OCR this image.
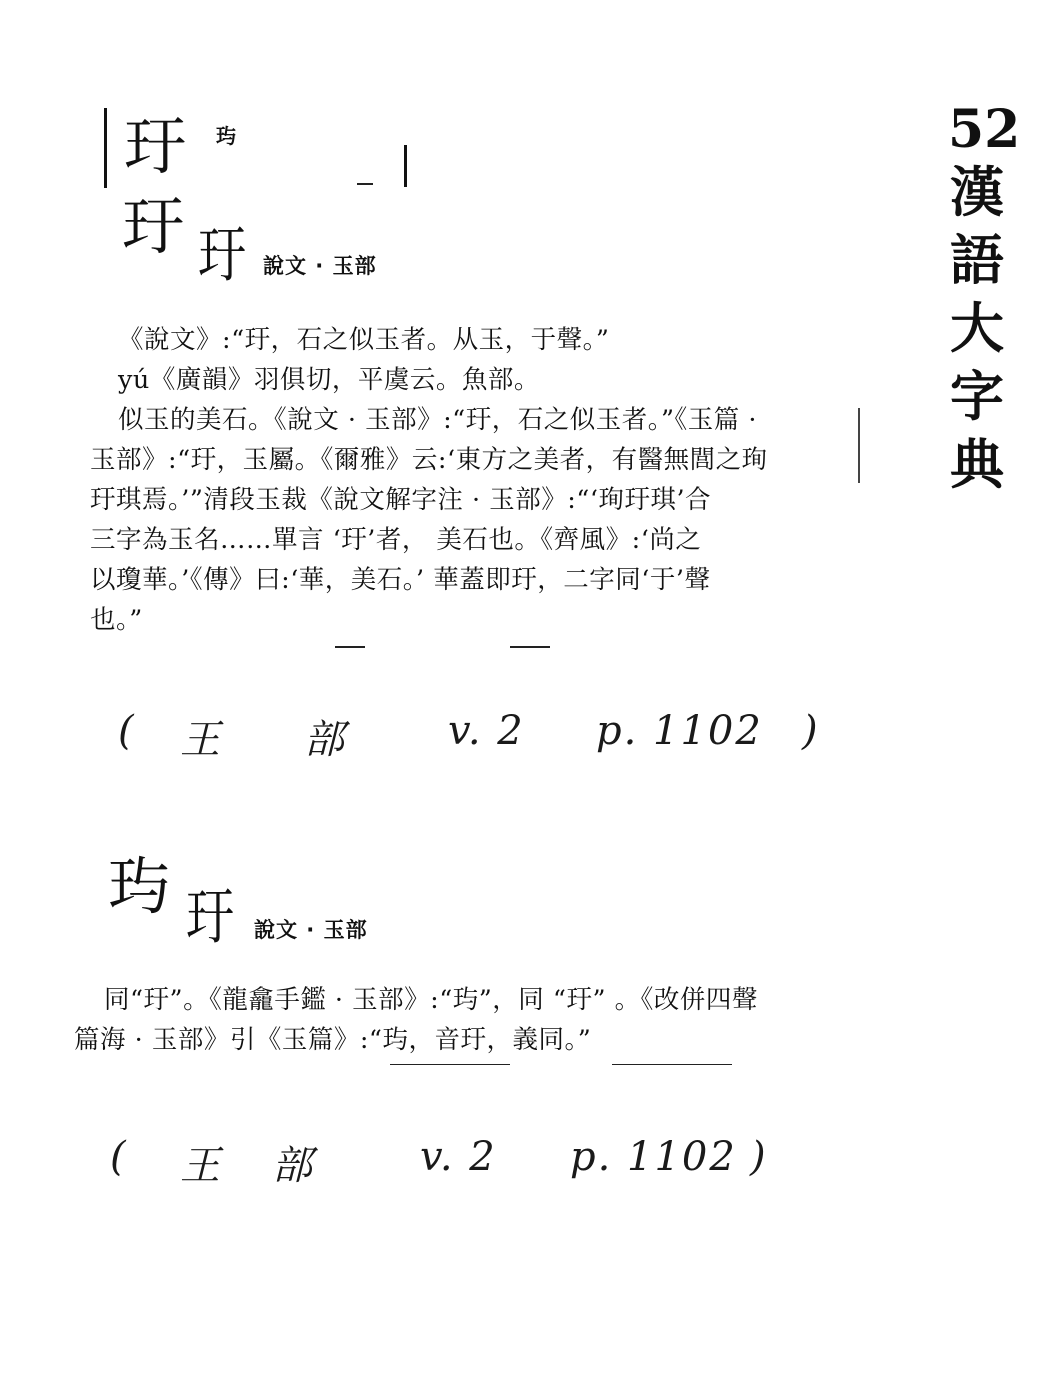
52
漢
語
大
字
典
玗 玙
玗 玗 說文 · 玉部
《說文》:“玗，石之似玉者。从玉，于聲。”
yú《廣韻》羽俱切，平虞云。魚部。
似玉的美石。《說文 · 玉部》:“玗，石之似玉者。”《玉篇 ·
玉部》:“玗，玉屬。《爾雅》云:‘東方之美者，有醫無閭之珣
玗琪焉。’”清段玉裁《說文解字注 · 玉部》:“‘珣玗琪’合
三字為玉名……單言 ‘玗’者， 美石也。《齊風》:‘尚之
以瓊華。’《傳》曰:‘華，美石。’ 華蓋即玗，二字同‘于’聲
也。”
( 王 部	v. 2 p. 1102 )
玙 玗 說文 · 玉部
同“玗”。《龍龕手鑑 · 玉部》:“玙”，同 “玗” 。《改併四聲
篇海 · 玉部》引《玉篇》:“玙，音玗，義同。”
( 王 部	v. 2 p. 1102 )
